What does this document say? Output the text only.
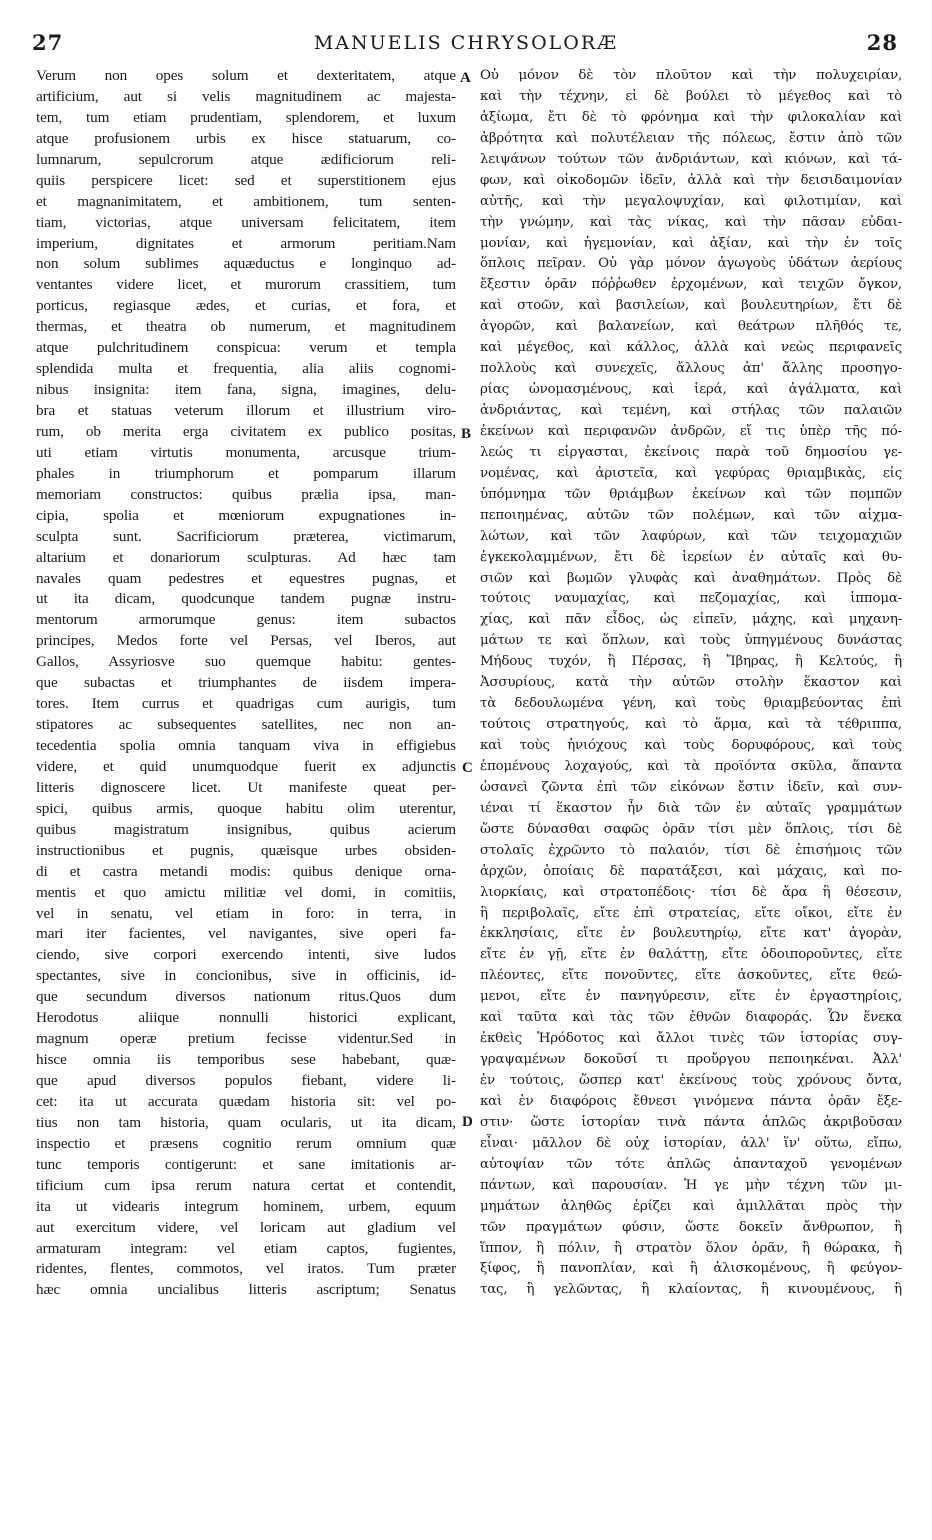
27	MANUELIS CHRYSOLORÆ	28
Verum non opes solum et dexteritatem, atque
artificium, aut si velis magnitudinem ac majesta-
tem, tum etiam prudentiam, splendorem, et luxum
atque profusionem urbis ex hisce statuarum, co-
lumnarum, sepulcrorum atque ædificiorum reli-
quiis perspicere licet: sed et superstitionem ejus
et magnanimitatem, et ambitionem, tum senten-
tiam, victorias, atque universam felicitatem, item
imperium, dignitates et armorum peritiam.Nam
non solum sublimes aquæductus e longinquo ad-
ventantes videre licet, et murorum crassitiem, tum
porticus, regiasque ædes, et curias, et fora, et
thermas, et theatra ob numerum, et magnitudinem
atque pulchritudinem conspicua: verum et templa
splendida multa et frequentia, alia aliis cognomi-
nibus insignita: item fana, signa, imagines, delu-
bra et statuas veterum illorum et illustrium viro-
rum, ob merita erga civitatem ex publico positas,
uti etiam virtutis monumenta, arcusque trium-
phales in triumphorum et pomparum illarum
memoriam constructos: quibus prælia ipsa, man-
cipia, spolia et mœniorum expugnationes in-
sculpta sunt. Sacrificiorum præterea, victimarum,
altarium et donariorum sculpturas. Ad hæc tam
navales quam pedestres et equestres pugnas, et
ut ita dicam, quodcunque tandem pugnæ instru-
mentorum armorumque genus: item subactos
principes, Medos forte vel Persas, vel Iberos, aut
Gallos, Assyriosve suo quemque habitu: gentes-
que subactas et triumphantes de iisdem impera-
tores. Item currus et quadrigas cum aurigis, tum
stipatores ac subsequentes satellites, nec non an-
tecedentia spolia omnia tanquam viva in effigiebus
videre, et quid unumquodque fuerit ex adjunctis
litteris dignoscere licet. Ut manifeste queat per-
spici, quibus armis, quoque habitu olim uterentur,
quibus magistratum insignibus, quibus acierum
instructionibus et pugnis, quæisque urbes obsiden-
di et castra metandi modis: quibus denique orna-
mentis et quo amictu militiæ vel domi, in comitiis,
vel in senatu, vel etiam in foro: in terra, in
mari iter facientes, vel navigantes, sive operi fa-
ciendo, sive corpori exercendo intenti, sive ludos
spectantes, sive in concionibus, sive in officinis, id-
que secundum diversos nationum ritus.Quos dum
Herodotus aliique nonnulli historici explicant,
magnum operæ pretium fecisse videntur.Sed in
hisce omnia iis temporibus sese habebant, quæ-
que apud diversos populos fiebant, videre li-
cet: ita ut accurata quædam historia sit: vel po-
tius non tam historia, quam ocularis, ut ita dicam,
inspectio et præsens cognitio rerum omnium quæ
tunc temporis contigerunt: et sane imitationis ar-
tificium cum ipsa rerum natura certat et contendit,
ita ut videaris integrum hominem, urbem, equum
aut exercitum videre, vel loricam aut gladium vel
armaturam integram: vel etiam captos, fugientes,
ridentes, flentes, commotos, vel iratos. Tum præter
hæc omnia uncialibus litteris ascriptum; Senatus
A
B
C
D
Οὐ μόνον δὲ τὸν πλοῦτον καὶ τὴν πολυχειρίαν,
καὶ τὴν τέχνην, εἰ δὲ βούλει τὸ μέγεθος καὶ τὸ
ἀξίωμα, ἔτι δὲ τὸ φρόνημα καὶ τὴν φιλοκαλίαν καὶ
ἁβρότητα καὶ πολυτέλειαν τῆς πόλεως, ἔστιν ἀπὸ τῶν
λειψάνων τούτων τῶν ἀνδριάντων, καὶ κιόνων, καὶ τά-
φων, καὶ οἰκοδομῶν ἰδεῖν, ἀλλὰ καὶ τὴν δεισιδαιμονίαν
αὐτῆς, καὶ τὴν μεγαλοψυχίαν, καὶ φιλοτιμίαν, καὶ
τὴν γνώμην, καὶ τὰς νίκας, καὶ τὴν πᾶσαν εὐδαι-
μονίαν, καὶ ἡγεμονίαν, καὶ ἀξίαν, καὶ τὴν ἐν τοῖς
ὅπλοις πεῖραν. Οὐ γὰρ μόνον ἀγωγοὺς ὑδάτων ἀερίους
ἔξεστιν ὁρᾶν πόῤῥωθεν ἐρχομένων, καὶ τειχῶν ὄγκον,
καὶ στοῶν, καὶ βασιλείων, καὶ βουλευτηρίων, ἔτι δὲ
ἀγορῶν, καὶ βαλανείων, καὶ θεάτρων πλῆθός τε,
καὶ μέγεθος, καὶ κάλλος, ἀλλὰ καὶ νεὼς περιφανεῖς
πολλοὺς καὶ συνεχεῖς, ἄλλους ἀπ' ἄλλης προσηγο-
ρίας ὠνομασμένους, καὶ ἱερά, καὶ ἀγάλματα, καὶ
ἀνδριάντας, καὶ τεμένη, καὶ στήλας τῶν παλαιῶν
ἐκείνων καὶ περιφανῶν ἀνδρῶν, εἴ τις ὑπὲρ τῆς πό-
λεώς τι εἰργασται, ἐκείνοις παρὰ τοῦ δημοσίου γε-
νομένας, καὶ ἀριστεῖα, καὶ γεφύρας θριαμβικὰς, εἰς
ὑπόμνημα τῶν θριάμβων ἐκείνων καὶ τῶν πομπῶν
πεποιημένας, αὐτῶν τῶν πολέμων, καὶ τῶν αἰχμα-
λώτων, καὶ τῶν λαφύρων, καὶ τῶν τειχομαχιῶν
ἐγκεκολαμμένων, ἔτι δὲ ἱερείων ἐν αὐταῖς καὶ θυ-
σιῶν καὶ βωμῶν γλυφὰς καὶ ἀναθημάτων. Πρὸς δὲ
τούτοις ναυμαχίας, καὶ πεζομαχίας, καὶ ἱππομα-
χίας, καὶ πᾶν εἶδος, ὡς εἰπεῖν, μάχης, καὶ μηχανη-
μάτων τε καὶ ὅπλων, καὶ τοὺς ὑπηγμένους δυνάστας
Μήδους τυχόν, ἢ Πέρσας, ἢ Ἴβηρας, ἢ Κελτούς, ἢ
Ἀσσυρίους, κατὰ τὴν αὐτῶν στολὴν ἕκαστον καὶ
τὰ δεδουλωμένα γένη, καὶ τοὺς θριαμβεύοντας ἐπὶ
τούτοις στρατηγούς, καὶ τὸ ἅρμα, καὶ τὰ τέθριππα,
καὶ τοὺς ἡνιόχους καὶ τοὺς δορυφόρους, καὶ τοὺς
ἑπομένους λοχαγούς, καὶ τὰ προϊόντα σκῦλα, ἅπαντα
ὡσανεὶ ζῶντα ἐπὶ τῶν εἰκόνων ἔστιν ἰδεῖν, καὶ συν-
ιέναι τί ἕκαστον ἦν διὰ τῶν ἐν αὐταῖς γραμμάτων
ὥστε δύνασθαι σαφῶς ὁρᾶν τίσι μὲν ὅπλοις, τίσι δὲ
στολαῖς ἐχρῶντο τὸ παλαιόν, τίσι δὲ ἐπισήμοις τῶν
ἀρχῶν, ὁποίαις δὲ παρατάξεσι, καὶ μάχαις, καὶ πο-
λιορκίαις, καὶ στρατοπέδοις· τίσι δὲ ἄρα ἢ θέσεσιν,
ἢ περιβολαῖς, εἴτε ἐπὶ στρατείας, εἴτε οἴκοι, εἴτε ἐν
ἐκκλησίαις, εἴτε ἐν βουλευτηρίῳ, εἴτε κατ' ἀγορὰν,
εἴτε ἐν γῇ, εἴτε ἐν θαλάττῃ, εἴτε ὁδοιποροῦντες, εἴτε
πλέοντες, εἴτε πονοῦντες, εἴτε ἀσκοῦντες, εἴτε θεώ-
μενοι, εἴτε ἐν πανηγύρεσιν, εἴτε ἐν ἐργαστηρίοις,
καὶ ταῦτα καὶ τὰς τῶν ἐθνῶν διαφοράς. Ὧν ἕνεκα
ἐκθεὶς Ἡρόδοτος καὶ ἄλλοι τινὲς τῶν ἱστορίας συγ-
γραψαμένων δοκοῦσί τι προὔργου πεποιηκέναι. Ἀλλ'
ἐν τούτοις, ὥσπερ κατ' ἐκείνους τοὺς χρόνους ὄντα,
καὶ ἐν διαφόροις ἔθνεσι γινόμενα πάντα ὁρᾶν ἔξε-
στιν· ὥστε ἱστορίαν τινὰ πάντα ἁπλῶς ἀκριβοῦσαν
εἶναι· μᾶλλον δὲ οὐχ ἱστορίαν, ἀλλ' ἵν' οὕτω, εἴπω,
αὐτοψίαν τῶν τότε ἁπλῶς ἁπανταχοῦ γενομένων
πάντων, καὶ παρουσίαν. Ἡ γε μὴν τέχνη τῶν μι-
μημάτων ἁληθῶς ἐρίζει καὶ ἁμιλλᾶται πρὸς τὴν
τῶν πραγμάτων φύσιν, ὥστε δοκεῖν ἄνθρωπον, ἢ
ἵππον, ἢ πόλιν, ἢ στρατὸν ὅλον ὁρᾶν, ἢ θώρακα, ἢ
ξίφος, ἢ πανοπλίαν, καὶ ἢ ἁλισκομένους, ἢ φεύγον-
τας, ἢ γελῶντας, ἢ κλαίοντας, ἢ κινουμένους, ἢ
